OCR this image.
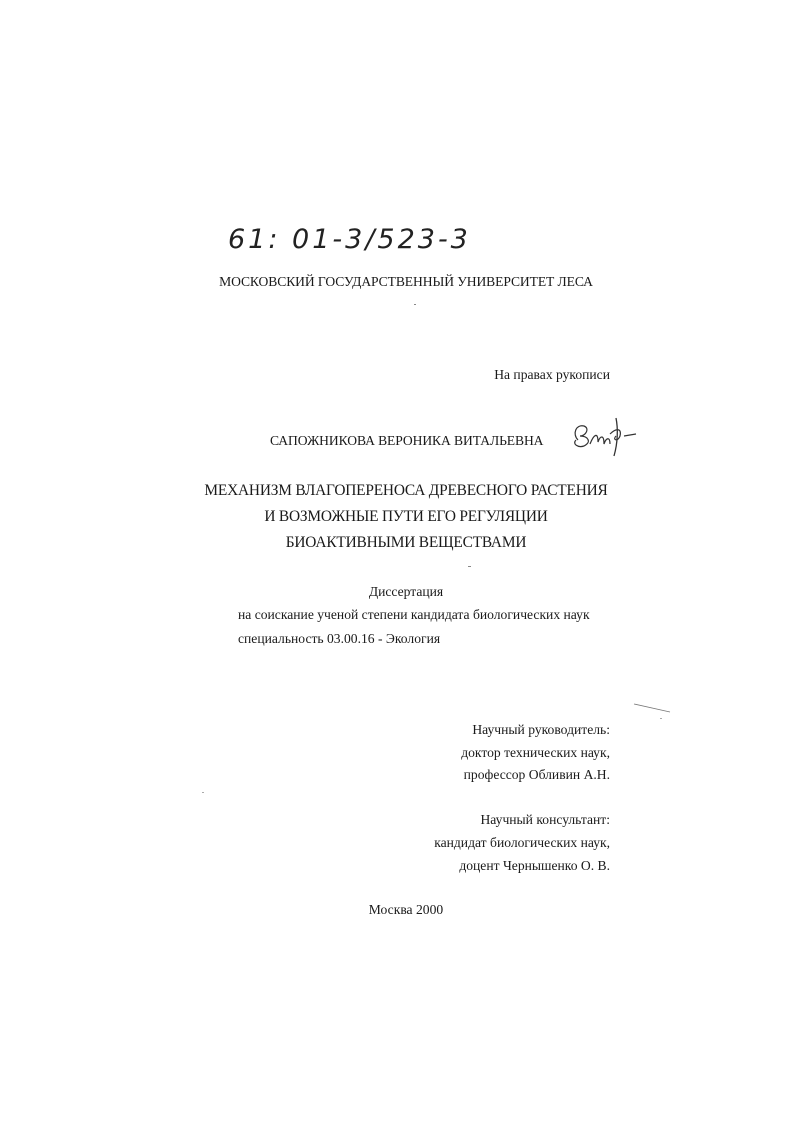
61: 01-3/523-3
МОСКОВСКИЙ ГОСУДАРСТВЕННЫЙ УНИВЕРСИТЕТ ЛЕСА
На правах рукописи
САПОЖНИКОВА ВЕРОНИКА ВИТАЛЬЕВНА
МЕХАНИЗМ ВЛАГОПЕРЕНОСА ДРЕВЕСНОГО РАСТЕНИЯ
И ВОЗМОЖНЫЕ ПУТИ ЕГО РЕГУЛЯЦИИ
БИОАКТИВНЫМИ ВЕЩЕСТВАМИ
Диссертация
на соискание ученой степени кандидата биологических наук
специальность 03.00.16 - Экология
Научный руководитель:
доктор технических наук,
профессор Обливин А.Н.
Научный консультант:
кандидат биологических наук,
доцент Чернышенко О. В.
Москва 2000
